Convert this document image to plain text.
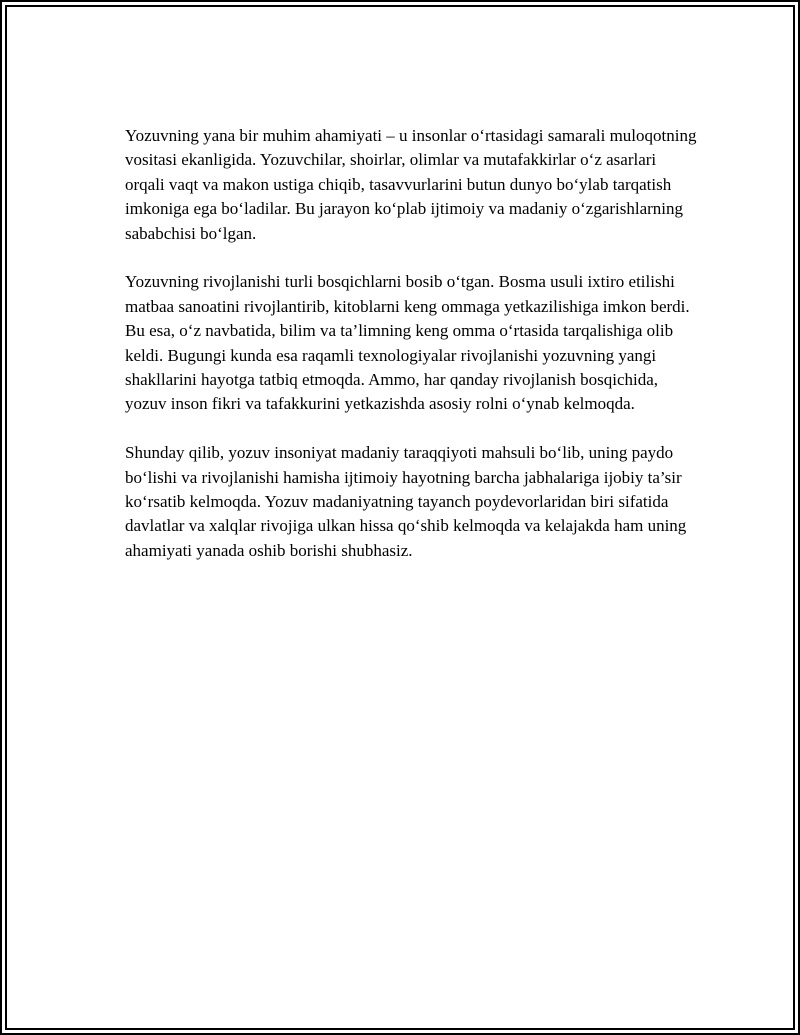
Yozuvning yana bir muhim ahamiyati – u insonlar o‘rtasidagi samarali muloqotning vositasi ekanligida. Yozuvchilar, shoirlar, olimlar va mutafakkirlar o‘z asarlari orqali vaqt va makon ustiga chiqib, tasavvurlarini butun dunyo bo‘ylab tarqatish imkoniga ega bo‘ladilar. Bu jarayon ko‘plab ijtimoiy va madaniy o‘zgarishlarning sababchisi bo‘lgan.

Yozuvning rivojlanishi turli bosqichlarni bosib o‘tgan. Bosma usuli ixtiro etilishi matbaa sanoatini rivojlantirib, kitoblarni keng ommaga yetkazilishiga imkon berdi. Bu esa, o‘z navbatida, bilim va ta’limning keng omma o‘rtasida tarqalishiga olib keldi. Bugungi kunda esa raqamli texnologiyalar rivojlanishi yozuvning yangi shakllarini hayotga tatbiq etmoqda. Ammo, har qanday rivojlanish bosqichida, yozuv inson fikri va tafakkurini yetkazishda asosiy rolni o‘ynab kelmoqda.

Shunday qilib, yozuv insoniyat madaniy taraqqiyoti mahsuli bo‘lib, uning paydo bo‘lishi va rivojlanishi hamisha ijtimoiy hayotning barcha jabhalariga ijobiy ta’sir ko‘rsatib kelmoqda. Yozuv madaniyatning tayanch poydevorlaridan biri sifatida davlatlar va xalqlar rivojiga ulkan hissa qo‘shib kelmoqda va kelajakda ham uning ahamiyati yanada oshib borishi shubhasiz.
